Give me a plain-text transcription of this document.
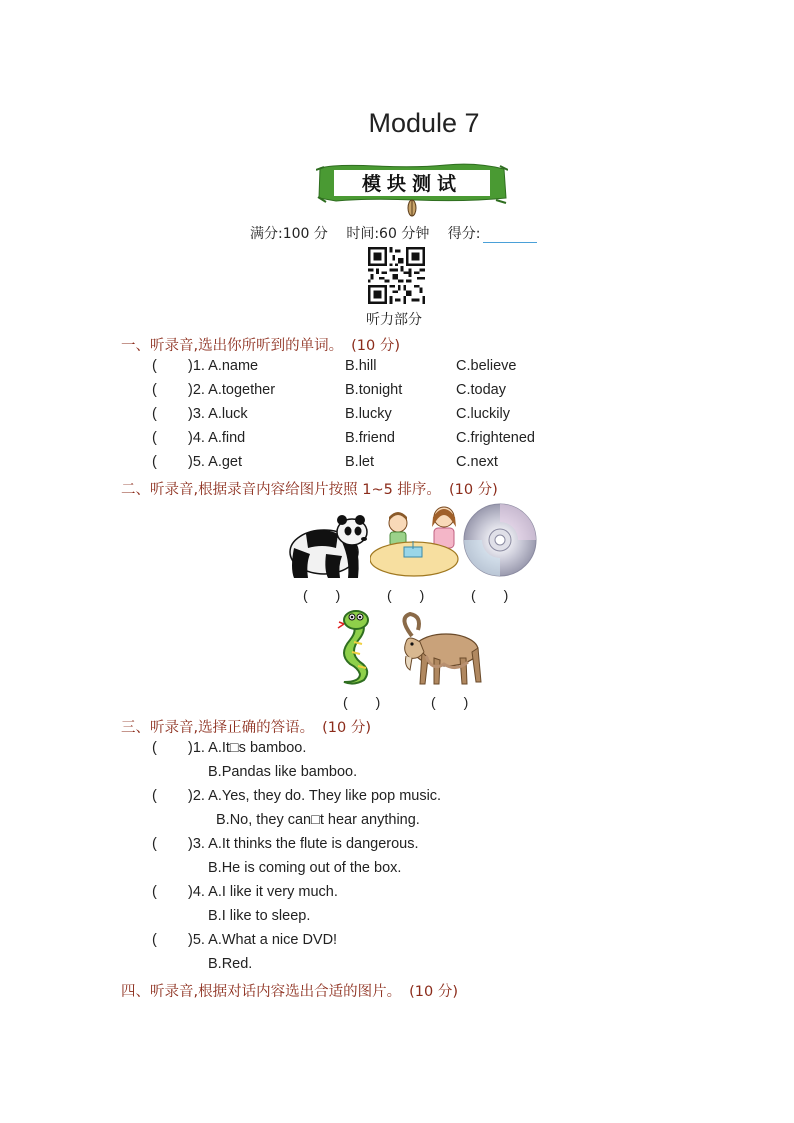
Module 7
模块测试
满分:100 分 时间:60 分钟 得分:
听力部分
一、听录音,选出你所听到的单词。 (10 分)
( )1. A.name	B.hill	C.believe
( )2. A.together	B.tonight	C.today
( )3. A.luck	B.lucky	C.luckily
( )4. A.find	B.friend	C.frightened
( )5. A.get	B.let	C.next
二、听录音,根据录音内容给图片按照 1~5 排序。 (10 分)
(　　)	(　　)	(　　)
(　　)	(　　)
三、听录音,选择正确的答语。 (10 分)
( )1. A.It□s bamboo.
B.Pandas like bamboo.
( )2. A.Yes, they do. They like pop music.
B.No, they can□t hear anything.
( )3. A.It thinks the flute is dangerous.
B.He is coming out of the box.
( )4. A.I like it very much.
B.I like to sleep.
( )5. A.What a nice DVD!
B.Red.
四、听录音,根据对话内容选出合适的图片。 (10 分)
